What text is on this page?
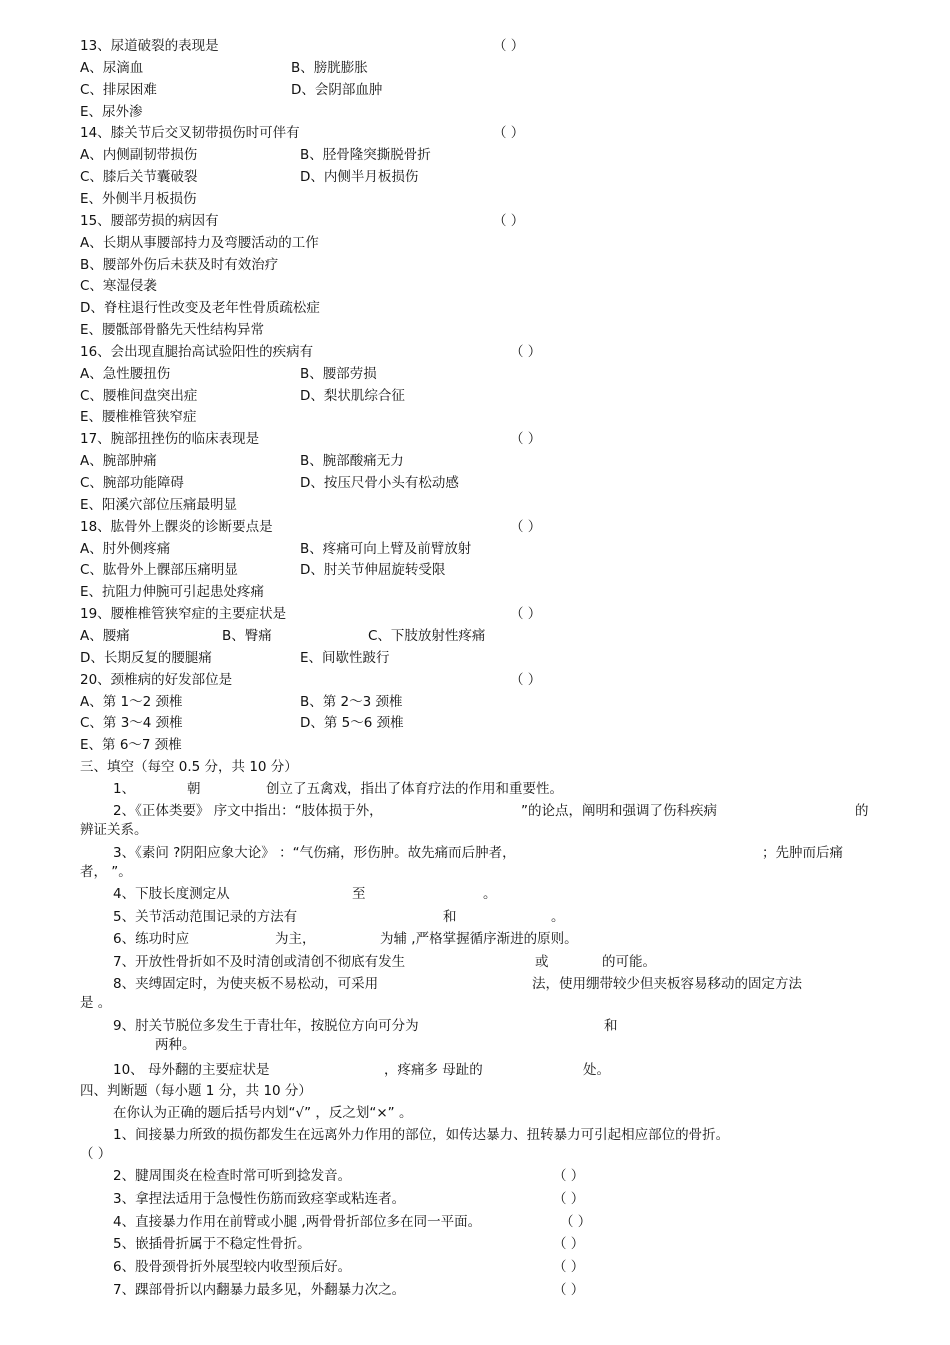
13、尿道破裂的表现是	（ ）
A、尿滴血	B、膀胱膨胀
C、排尿困难	D、会阴部血肿
E、尿外渗
14、膝关节后交叉韧带损伤时可伴有	（ ）
A、内侧副韧带损伤	B、胫骨隆突撕脱骨折
C、膝后关节囊破裂	D、内侧半月板损伤
E、外侧半月板损伤
15、腰部劳损的病因有	（ ）
A、长期从事腰部持力及弯腰活动的工作
B、腰部外伤后未获及时有效治疗
C、寒湿侵袭
D、脊柱退行性改变及老年性骨质疏松症
E、腰骶部骨骼先天性结构异常
16、会出现直腿抬高试验阳性的疾病有	（ ）
A、急性腰扭伤	B、腰部劳损
C、腰椎间盘突出症	D、梨状肌综合征
E、腰椎椎管狭窄症
17、腕部扭挫伤的临床表现是	（ ）
A、腕部肿痛	B、腕部酸痛无力
C、腕部功能障碍	D、按压尺骨小头有松动感
E、阳溪穴部位压痛最明显
18、肱骨外上髁炎的诊断要点是	（ ）
A、肘外侧疼痛	B、疼痛可向上臂及前臂放射
C、肱骨外上髁部压痛明显	D、肘关节伸屈旋转受限
E、抗阻力伸腕可引起患处疼痛
19、腰椎椎管狭窄症的主要症状是	（ ）
A、腰痛	B、臀痛	C、下肢放射性疼痛
D、长期反复的腰腿痛	E、间歇性跛行
20、颈椎病的好发部位是	（ ）
A、第 1～2 颈椎	B、第 2～3 颈椎
C、第 3～4 颈椎	D、第 5～6 颈椎
E、第 6～7 颈椎
三、填空（每空 0.5 分，共 10 分）
1、	朝	创立了五禽戏，指出了体育疗法的作用和重要性。
2、《正体类要》 序文中指出：“肢体损于外，	”的论点，阐明和强调了伤科疾病	的
辨证关系。
3、《素问 ?阴阳应象大论》 ：“气伤痛，形伤肿。故先痛而后肿者，	；先肿而后痛
者， ”。
4、下肢长度测定从	至	。
5、关节活动范围记录的方法有	和	。
6、练功时应	为主，	为辅 ,严格掌握循序渐进的原则。
7、开放性骨折如不及时清创或清创不彻底有发生	或	的可能。
8、夹缚固定时，为使夹板不易松动，可采用	法，使用绷带较少但夹板容易移动的固定方法
是 。
9、肘关节脱位多发生于青壮年，按脱位方向可分为	和
两种。
10、 母外翻的主要症状是	，疼痛多 母趾的	处。
四、判断题（每小题 1 分，共 10 分）
在你认为正确的题后括号内划“√” ，反之划“×” 。
1、间接暴力所致的损伤都发生在远离外力作用的部位，如传达暴力、扭转暴力可引起相应部位的骨折。
（ ）
2、腱周围炎在检查时常可听到捻发音。	（ ）
3、拿捏法适用于急慢性伤筋而致痉挛或粘连者。	（ ）
4、直接暴力作用在前臂或小腿 ,两骨骨折部位多在同一平面。	（ ）
5、嵌插骨折属于不稳定性骨折。	（ ）
6、股骨颈骨折外展型较内收型预后好。	（ ）
7、踝部骨折以内翻暴力最多见，外翻暴力次之。	（ ）
